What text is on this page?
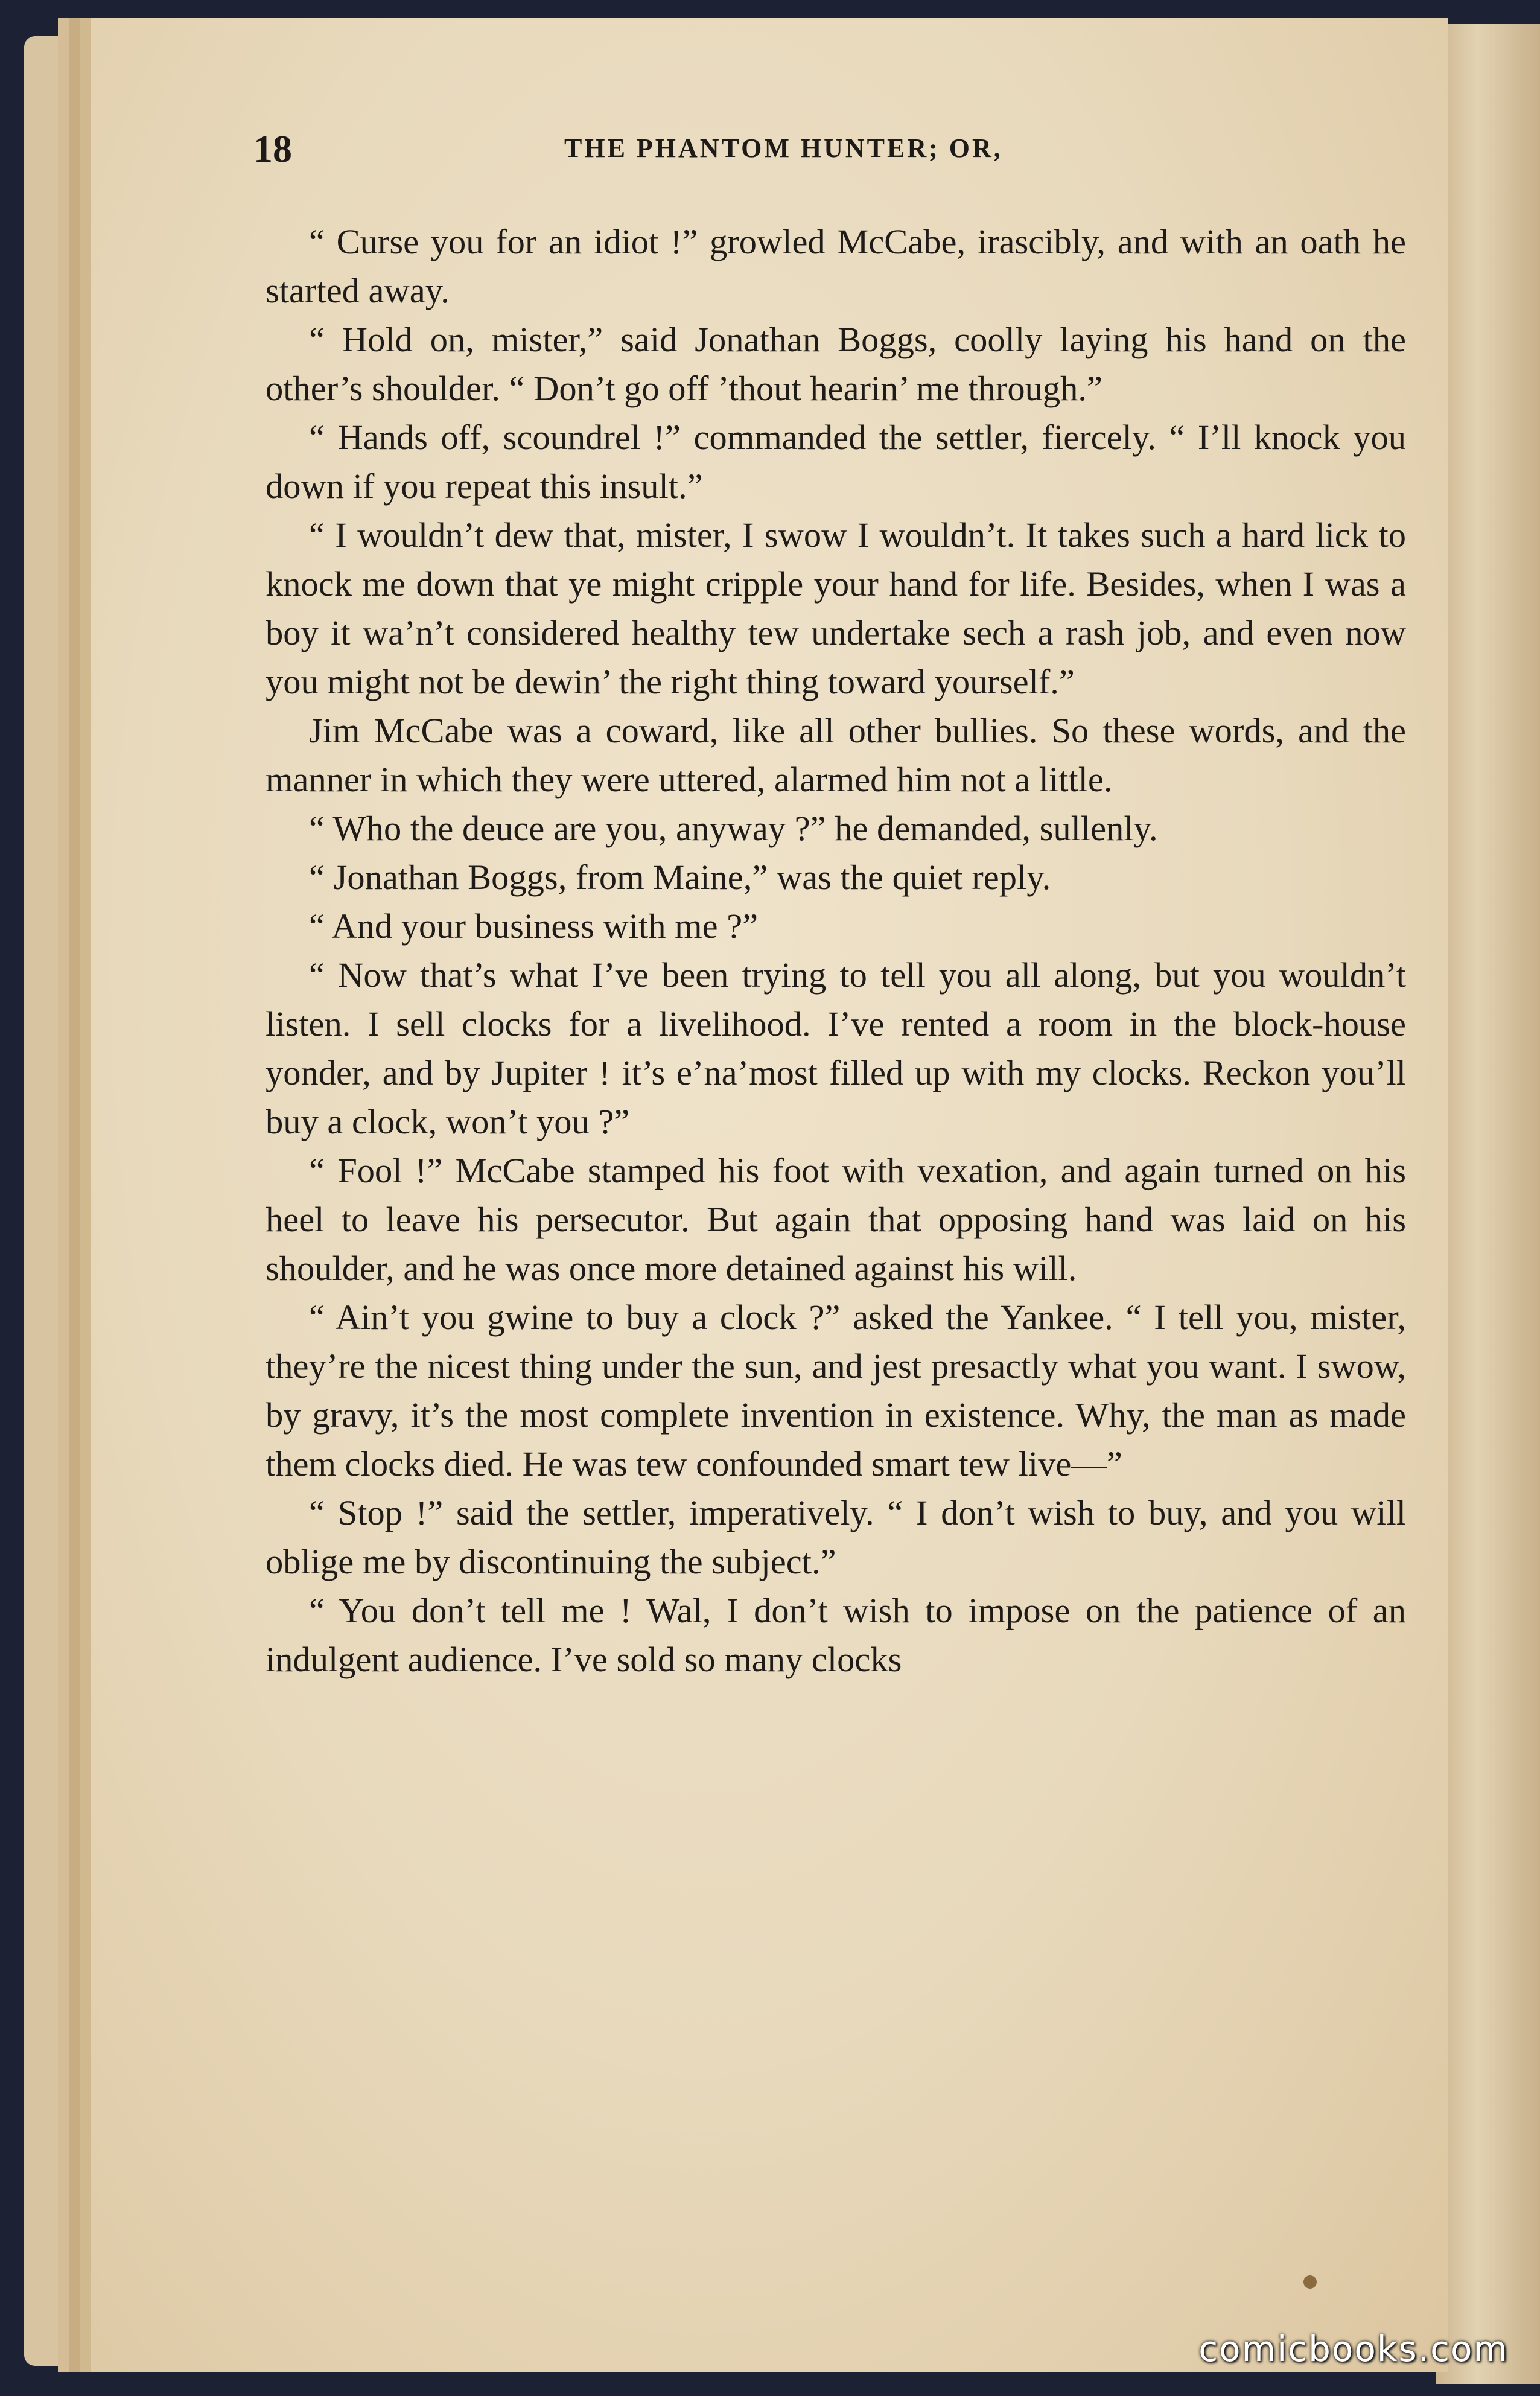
18	THE PHANTOM HUNTER; OR,

“ Curse you for an idiot !” growled McCabe, irascibly, and with an oath he started away.

“ Hold on, mister,” said Jonathan Boggs, coolly laying his hand on the other’s shoulder. “ Don’t go off ’thout hearin’ me through.”

“ Hands off, scoundrel !” commanded the settler, fiercely. “ I’ll knock you down if you repeat this insult.”

“ I wouldn’t dew that, mister, I swow I wouldn’t. It takes such a hard lick to knock me down that ye might cripple your hand for life. Besides, when I was a boy it wa’n’t considered healthy tew undertake sech a rash job, and even now you might not be dewin’ the right thing toward yourself.”

Jim McCabe was a coward, like all other bullies. So these words, and the manner in which they were uttered, alarmed him not a little.

“ Who the deuce are you, anyway ?” he demanded, sullenly.

“ Jonathan Boggs, from Maine,” was the quiet reply.

“ And your business with me ?”

“ Now that’s what I’ve been trying to tell you all along, but you wouldn’t listen. I sell clocks for a livelihood. I’ve rented a room in the block-house yonder, and by Jupiter ! it’s e’na’most filled up with my clocks. Reckon you’ll buy a clock, won’t you ?”

“ Fool !” McCabe stamped his foot with vexation, and again turned on his heel to leave his persecutor. But again that opposing hand was laid on his shoulder, and he was once more detained against his will.

“ Ain’t you gwine to buy a clock ?” asked the Yankee. “ I tell you, mister, they’re the nicest thing under the sun, and jest presactly what you want. I swow, by gravy, it’s the most complete invention in existence. Why, the man as made them clocks died. He was tew confounded smart tew live—”

“ Stop !” said the settler, imperatively. “ I don’t wish to buy, and you will oblige me by discontinuing the subject.”

“ You don’t tell me ! Wal, I don’t wish to impose on the patience of an indulgent audience. I’ve sold so many clocks

comicbooks.com
